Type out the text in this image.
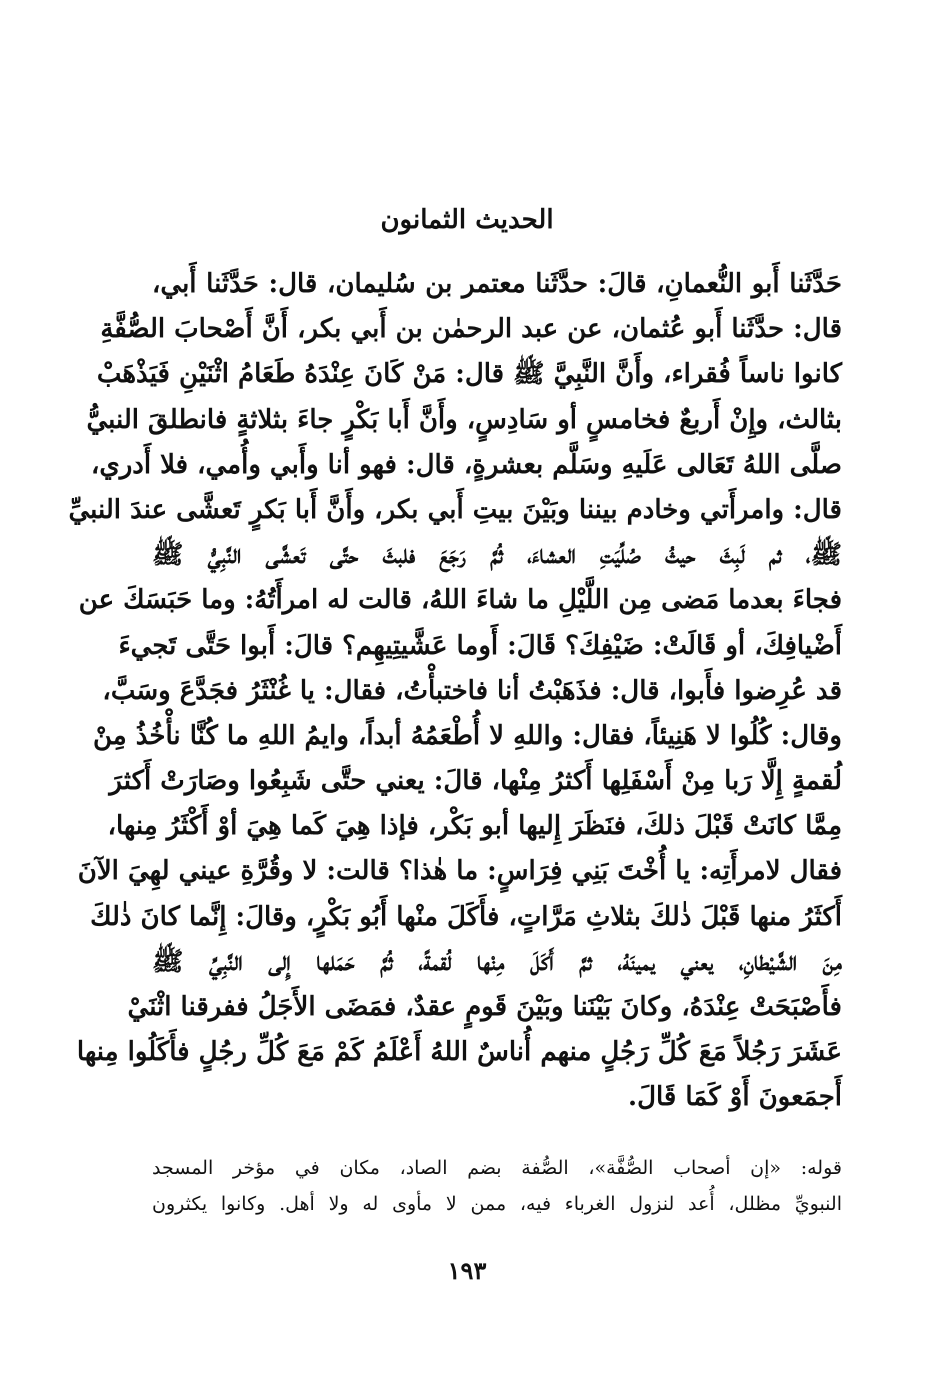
الحديث الثمانون
حَدَّثَنا أَبو النُّعمانِ، قالَ: حدَّثَنا معتمر بن سُليمان، قال: حَدَّثَنا أَبي،
قال: حدَّثَنا أَبو عُثمان، عن عبد الرحمٰن بن أَبي بكر، أَنَّ أَصْحابَ الصُّفَّةِ
كانوا ناساً فُقراء، وأَنَّ النَّبِيَّ ﷺ قال: مَنْ كَانَ عِنْدَهُ طَعَامُ اثْنَيْنِ فَيَذْهَبْ
بثالث، وإِنْ أَربعٌ فخامسٍ أو سَادِسٍ، وأَنَّ أَبا بَكْرٍ جاءَ بثلاثةٍ فانطلقَ النبيُّ
صلَّى اللهُ تَعَالى عَلَيهِ وسَلَّم بعشرةٍ، قال: فهو أنا وأَبي وأُمي، فلا أَدري،
قال: وامرأَتي وخادم بيننا وبَيْنَ بيتِ أَبي بكر، وأَنَّ أَبا بَكرٍ تَعشَّى عندَ النبيِّ
ﷺ، ثم لَبِثَ حيثُ صُلِّيَتِ العشاءَ، ثُمَّ رَجَعَ فلبثَ حتَّى تَعشَّى النَّبِيُّ ﷺ
فجاءَ بعدما مَضى مِن اللَّيْلِ ما شاءَ اللهُ، قالت له امرأَتُهُ: وما حَبَسَكَ عن
أَضْيافِكَ، أو قَالَتْ: ضَيْفِكَ؟ قَالَ: أَوما عَشَّيتِيهِم؟ قالَ: أَبوا حَتَّى تَجيءَ
قد عُرِضوا فأَبوا، قال: فذَهَبْتُ أنا فاختبأْتُ، فقال: يا غُنْثَرُ فجَدَّعَ وسَبَّ،
وقال: كُلُوا لا هَنِيئاً، فقال: واللهِ لا أُطْعَمُهُ أبداً، وايمُ اللهِ ما كُنَّا نأْخُذُ مِنْ
لُقمةٍ إِلَّا رَبا مِنْ أَسْفَلِها أَكثرُ مِنْها، قالَ: يعني حتَّى شَبِعُوا وصَارَتْ أَكثرَ
مِمَّا كانَتْ قَبْلَ ذلكَ، فنَظَرَ إِليها أبو بَكْر، فإذا هِيَ كَما هِيَ أوْ أَكْثَرُ مِنها،
فقال لامرأَتِه: يا أُخْتَ بَنِي فِرَاسٍ: ما هٰذا؟ قالت: لا وقُرَّةِ عيني لهِيَ الآنَ
أَكثَرُ منها قَبْلَ ذٰلكَ بثلاثِ مَرَّاتٍ، فأَكَلَ منْها أَبُو بَكْرٍ، وقالَ: إِنَّما كانَ ذٰلكَ
مِنَ الشَّيْطانِ، يعني يمينَهُ، ثمَّ أَكَلَ مِنْها لُقمةً، ثُمَّ حَمَلها إِلى النَّبِيِّ ﷺ
فأَصْبَحَتْ عِنْدَهُ، وكانَ بَيْنَنا وبَيْنَ قَومٍ عقدٌ، فمَضَى الأَجَلُ ففرقنا اثْنَيْ
عَشَرَ رَجُلاً مَعَ كُلِّ رَجُلٍ منهم أُناسٌ اللهُ أَعْلَمُ كَمْ مَعَ كُلِّ رجُلٍ فأَكَلُوا مِنها
أَجمَعونَ أَوْ كَمَا قَالَ.
قوله: «إن أصحاب الصُّفَّة»، الصُّفة بضم الصاد، مكان في مؤخر المسجد
النبويِّ مظلل، أُعد لنزول الغرباء فيه، ممن لا مأوى له ولا أهل. وكانوا يكثرون
١٩٣
